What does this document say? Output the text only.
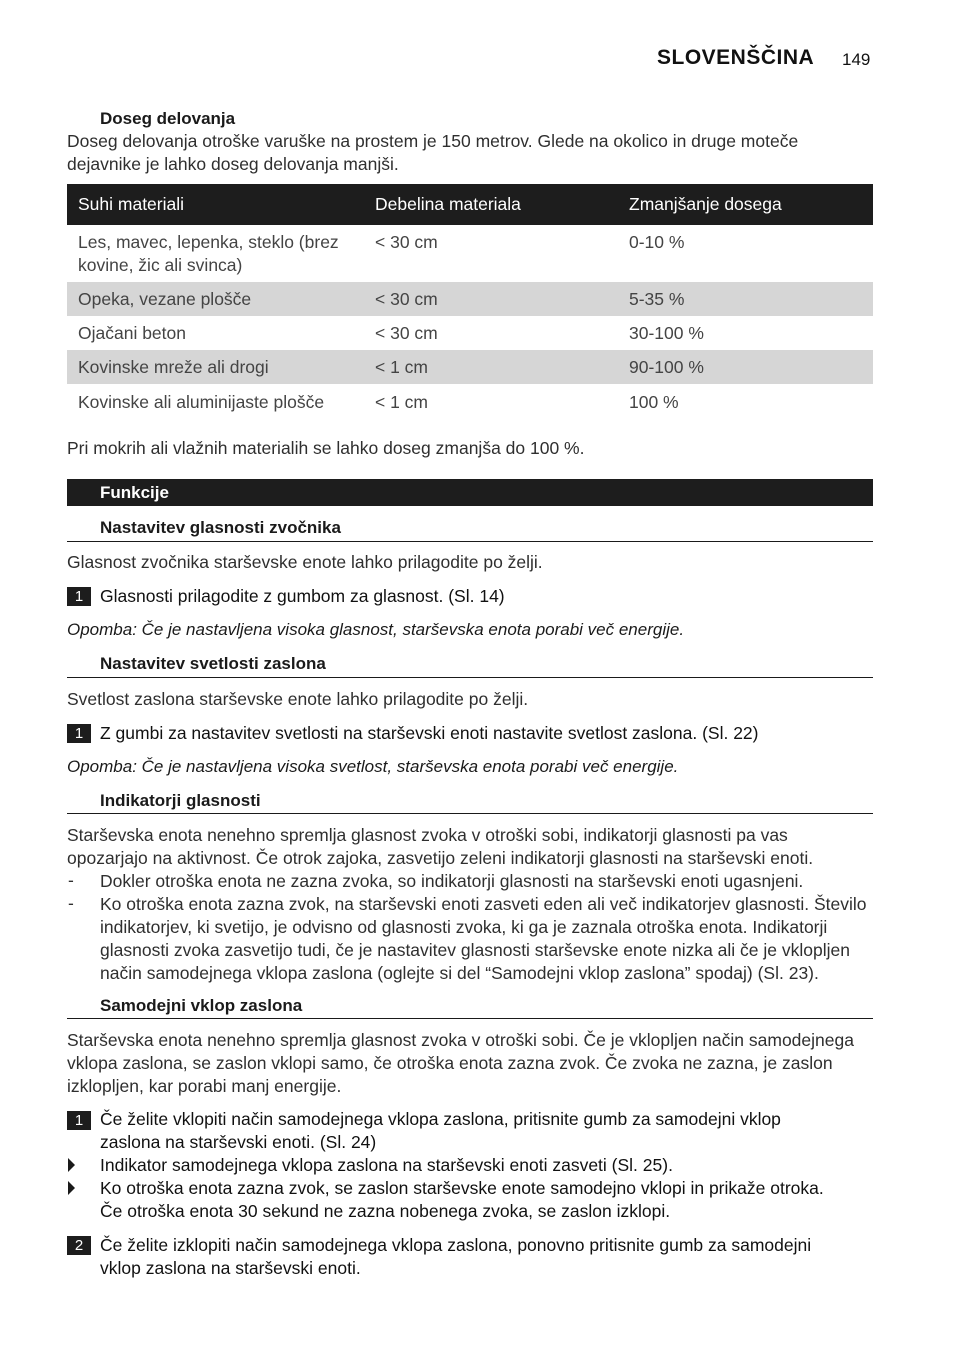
SLOVENŠČINA 149
Doseg delovanja
Doseg delovanja otroške varuške na prostem je 150 metrov. Glede na okolico in druge moteče
dejavnike je lahko doseg delovanja manjši.
Suhi materiali	Debelina materiala	Zmanjšanje dosega
Les, mavec, lepenka, steklo (brez kovine, žic ali svinca)	< 30 cm	0-10 %
Opeka, vezane plošče	< 30 cm	5-35 %
Ojačani beton	< 30 cm	30-100 %
Kovinske mreže ali drogi	< 1 cm	90-100 %
Kovinske ali aluminijaste plošče	< 1 cm	100 %
Pri mokrih ali vlažnih materialih se lahko doseg zmanjša do 100 %.
Funkcije
Nastavitev glasnosti zvočnika
Glasnost zvočnika starševske enote lahko prilagodite po želji.
1 Glasnosti prilagodite z gumbom za glasnost. (Sl. 14)
Opomba: Če je nastavljena visoka glasnost, starševska enota porabi več energije.
Nastavitev svetlosti zaslona
Svetlost zaslona starševske enote lahko prilagodite po želji.
1 Z gumbi za nastavitev svetlosti na starševski enoti nastavite svetlost zaslona. (Sl. 22)
Opomba: Če je nastavljena visoka svetlost, starševska enota porabi več energije.
Indikatorji glasnosti
Starševska enota nenehno spremlja glasnost zvoka v otroški sobi, indikatorji glasnosti pa vas
opozarjajo na aktivnost. Če otrok zajoka, zasvetijo zeleni indikatorji glasnosti na starševski enoti.
- Dokler otroška enota ne zazna zvoka, so indikatorji glasnosti na starševski enoti ugasnjeni.
- Ko otroška enota zazna zvok, na starševski enoti zasveti eden ali več indikatorjev glasnosti. Število
indikatorjev, ki svetijo, je odvisno od glasnosti zvoka, ki ga je zaznala otroška enota. Indikatorji
glasnosti zvoka zasvetijo tudi, če je nastavitev glasnosti starševske enote nizka ali če je vklopljen
način samodejnega vklopa zaslona (oglejte si del “Samodejni vklop zaslona” spodaj) (Sl. 23).
Samodejni vklop zaslona
Starševska enota nenehno spremlja glasnost zvoka v otroški sobi. Če je vklopljen način samodejnega
vklopa zaslona, se zaslon vklopi samo, če otroška enota zazna zvok. Če zvoka ne zazna, je zaslon
izklopljen, kar porabi manj energije.
1 Če želite vklopiti način samodejnega vklopa zaslona, pritisnite gumb za samodejni vklop
zaslona na starševski enoti. (Sl. 24)
Indikator samodejnega vklopa zaslona na starševski enoti zasveti (Sl. 25).
Ko otroška enota zazna zvok, se zaslon starševske enote samodejno vklopi in prikaže otroka.
Če otroška enota 30 sekund ne zazna nobenega zvoka, se zaslon izklopi.
2 Če želite izklopiti način samodejnega vklopa zaslona, ponovno pritisnite gumb za samodejni
vklop zaslona na starševski enoti.
